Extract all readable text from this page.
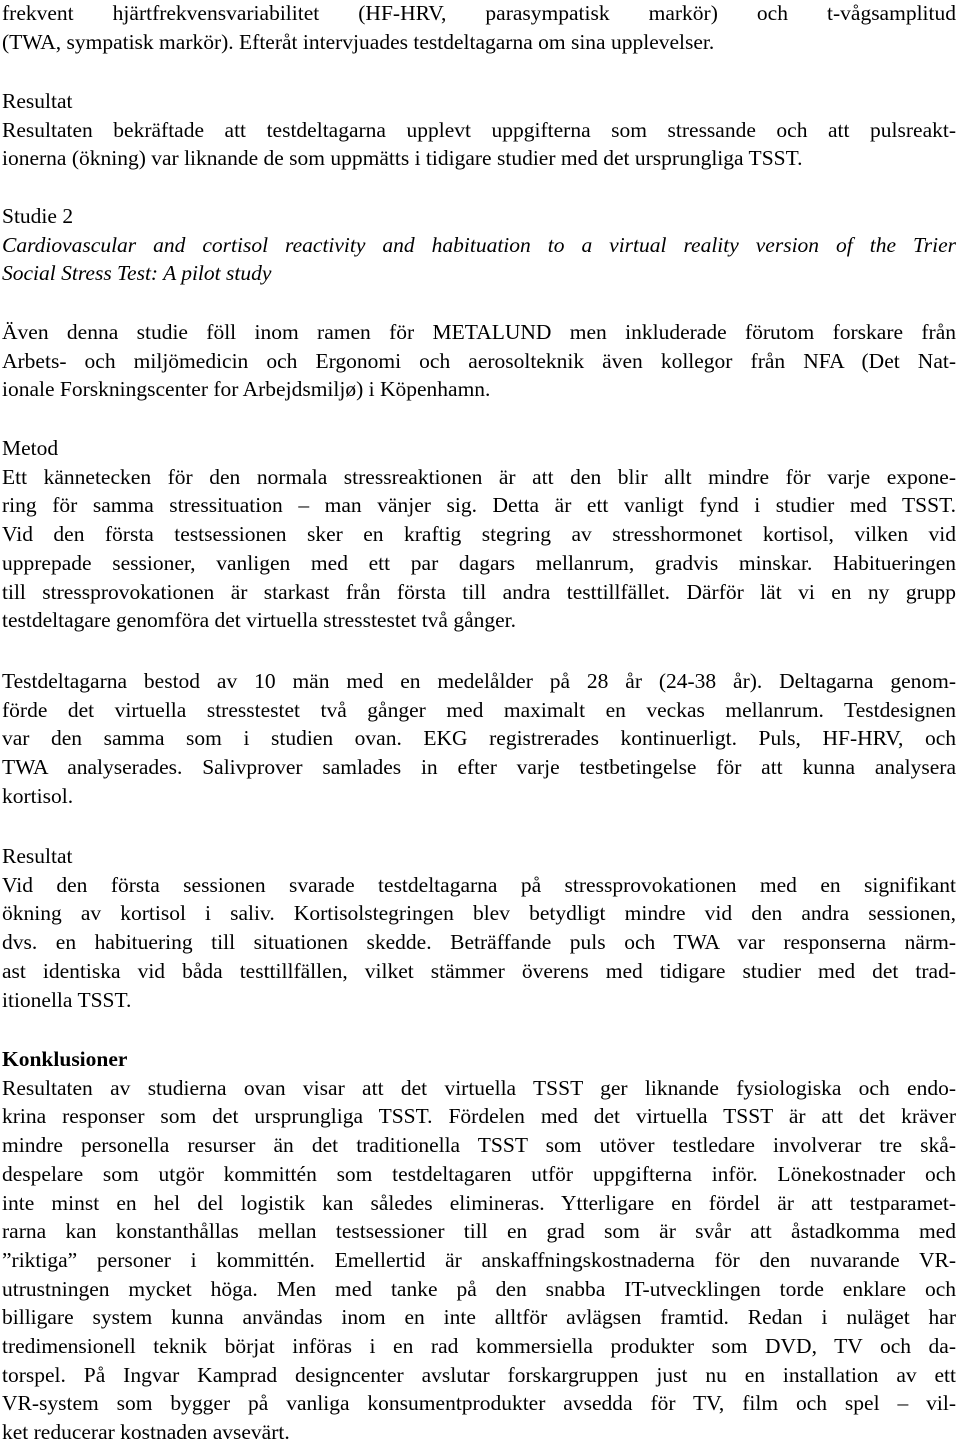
frekvent hjärtfrekvensvariabilitet (HF-HRV, parasympatisk markör) och t-vågsamplitud
(TWA, sympatisk markör). Efteråt intervjuades testdeltagarna om sina upplevelser.
Resultat
Resultaten bekräftade att testdeltagarna upplevt uppgifterna som stressande och att pulsreakt-
ionerna (ökning) var liknande de som uppmätts i tidigare studier med det ursprungliga TSST.
Studie 2
Cardiovascular and cortisol reactivity and habituation to a virtual reality version of the Trier
Social Stress Test: A pilot study
Även denna studie föll inom ramen för METALUND men inkluderade förutom forskare från
Arbets- och miljömedicin och Ergonomi och aerosolteknik även kollegor från NFA (Det Nat-
ionale Forskningscenter for Arbejdsmiljø) i Köpenhamn.
Metod
Ett kännetecken för den normala stressreaktionen är att den blir allt mindre för varje expone-
ring för samma stressituation – man vänjer sig. Detta är ett vanligt fynd i studier med TSST.
Vid den första testsessionen sker en kraftig stegring av stresshormonet kortisol, vilken vid
upprepade sessioner, vanligen med ett par dagars mellanrum, gradvis minskar. Habitueringen
till stressprovokationen är starkast från första till andra testtillfället. Därför lät vi en ny grupp
testdeltagare genomföra det virtuella stresstestet två gånger.
Testdeltagarna bestod av 10 män med en medelålder på 28 år (24-38 år). Deltagarna genom-
förde det virtuella stresstestet två gånger med maximalt en veckas mellanrum. Testdesignen
var den samma som i studien ovan. EKG registrerades kontinuerligt. Puls, HF-HRV, och
TWA analyserades. Salivprover samlades in efter varje testbetingelse för att kunna analysera
kortisol.
Resultat
Vid den första sessionen svarade testdeltagarna på stressprovokationen med en signifikant
ökning av kortisol i saliv. Kortisolstegringen blev betydligt mindre vid den andra sessionen,
dvs. en habituering till situationen skedde. Beträffande puls och TWA var responserna närm-
ast identiska vid båda testtillfällen, vilket stämmer överens med tidigare studier med det trad-
itionella TSST.
Konklusioner
Resultaten av studierna ovan visar att det virtuella TSST ger liknande fysiologiska och endo-
krina responser som det ursprungliga TSST. Fördelen med det virtuella TSST är att det kräver
mindre personella resurser än det traditionella TSST som utöver testledare involverar tre skå-
despelare som utgör kommittén som testdeltagaren utför uppgifterna inför. Lönekostnader och
inte minst en hel del logistik kan således elimineras. Ytterligare en fördel är att testparamet-
rarna kan konstanthållas mellan testsessioner till en grad som är svår att åstadkomma med
”riktiga” personer i kommittén. Emellertid är anskaffningskostnaderna för den nuvarande VR-
utrustningen mycket höga. Men med tanke på den snabba IT-utvecklingen torde enklare och
billigare system kunna användas inom en inte alltför avlägsen framtid. Redan i nuläget har
tredimensionell teknik börjat införas i en rad kommersiella produkter som DVD, TV och da-
torspel. På Ingvar Kamprad designcenter avslutar forskargruppen just nu en installation av ett
VR-system som bygger på vanliga konsumentprodukter avsedda för TV, film och spel – vil-
ket reducerar kostnaden avsevärt.
